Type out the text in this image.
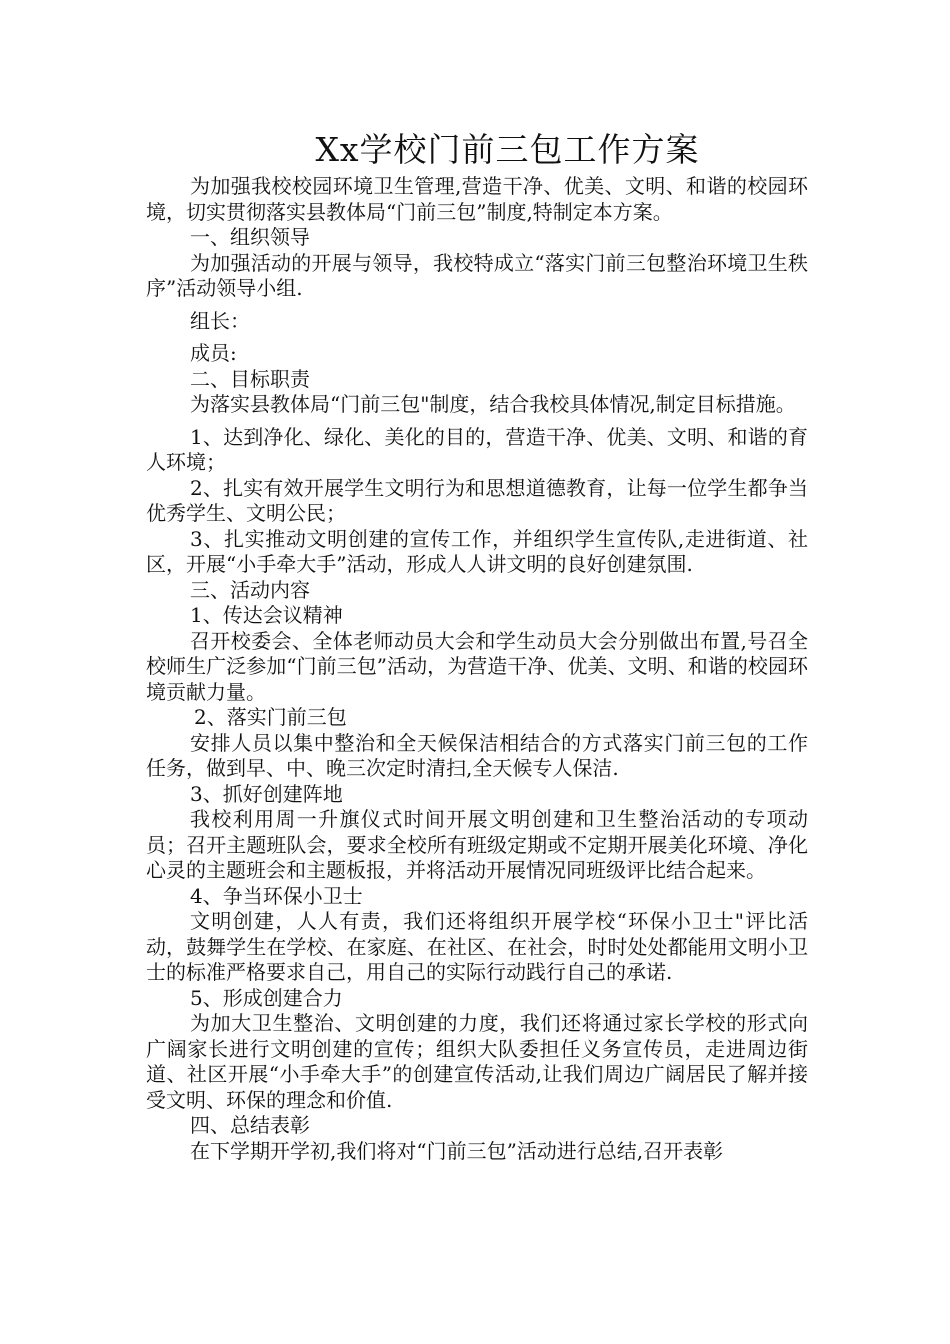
Xx学校门前三包工作方案

为加强我校校园环境卫生管理,营造干净、优美、文明、和谐的校园环境，切实贯彻落实县教体局“门前三包”制度,特制定本方案。

一、组织领导

为加强活动的开展与领导，我校特成立“落实门前三包整治环境卫生秩序”活动领导小组.

组长：

成员:

二、目标职责

为落实县教体局“门前三包"制度，结合我校具体情况,制定目标措施。

1、达到净化、绿化、美化的目的，营造干净、优美、文明、和谐的育人环境；

2、扎实有效开展学生文明行为和思想道德教育，让每一位学生都争当优秀学生、文明公民；

3、扎实推动文明创建的宣传工作，并组织学生宣传队,走进街道、社区，开展“小手牵大手”活动，形成人人讲文明的良好创建氛围.

三、活动内容

1、传达会议精神

召开校委会、全体老师动员大会和学生动员大会分别做出布置,号召全校师生广泛参加“门前三包”活动，为营造干净、优美、文明、和谐的校园环境贡献力量。

2、落实门前三包

安排人员以集中整治和全天候保洁相结合的方式落实门前三包的工作任务，做到早、中、晚三次定时清扫,全天候专人保洁.

3、抓好创建阵地

我校利用周一升旗仪式时间开展文明创建和卫生整治活动的专项动员；召开主题班队会，要求全校所有班级定期或不定期开展美化环境、净化心灵的主题班会和主题板报，并将活动开展情况同班级评比结合起来。

4、争当环保小卫士

文明创建，人人有责，我们还将组织开展学校“环保小卫士"评比活动，鼓舞学生在学校、在家庭、在社区、在社会，时时处处都能用文明小卫士的标准严格要求自己，用自己的实际行动践行自己的承诺.

5、形成创建合力

为加大卫生整治、文明创建的力度，我们还将通过家长学校的形式向广阔家长进行文明创建的宣传；组织大队委担任义务宣传员，走进周边街道、社区开展“小手牵大手”的创建宣传活动,让我们周边广阔居民了解并接受文明、环保的理念和价值.

四、总结表彰

在下学期开学初,我们将对“门前三包”活动进行总结,召开表彰
